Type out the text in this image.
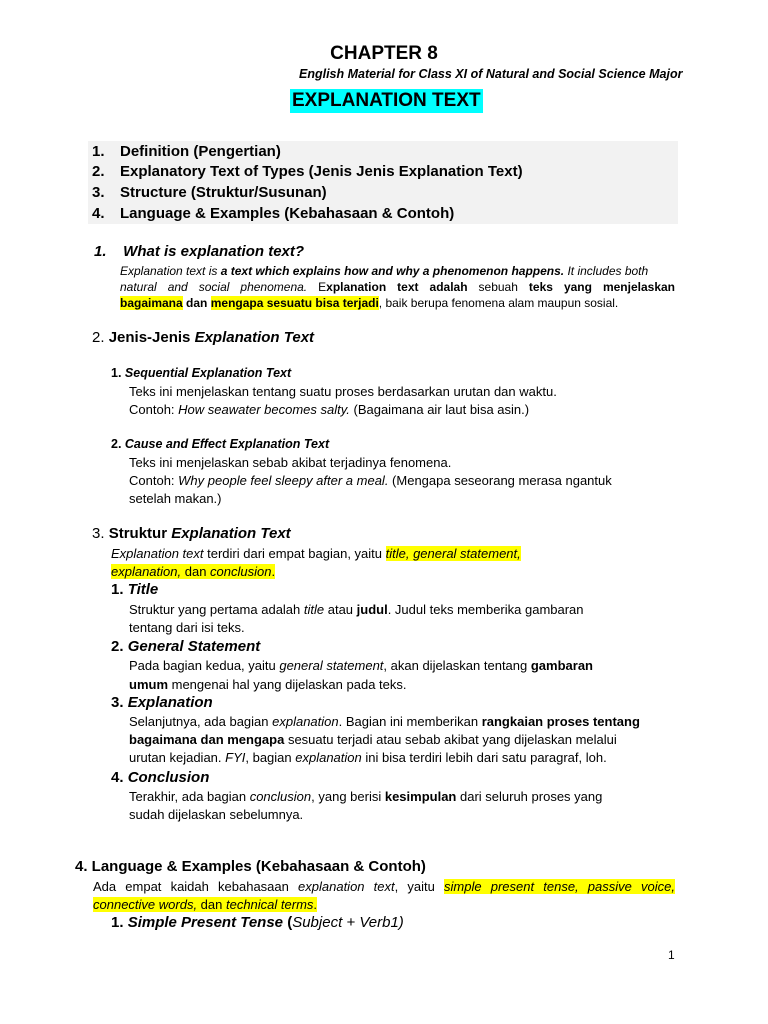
CHAPTER 8
English Material for Class XI of Natural and Social Science Major
EXPLANATION TEXT
1. Definition (Pengertian)
2. Explanatory Text of Types (Jenis Jenis Explanation Text)
3. Structure (Struktur/Susunan)
4. Language & Examples (Kebahasaan & Contoh)
1.    What is explanation text?
Explanation text is a text which explains how and why a phenomenon happens. It includes both
natural and social phenomena. Explanation text adalah sebuah teks yang menjelaskan
bagaimana dan mengapa sesuatu bisa terjadi, baik berupa fenomena alam maupun sosial.
2. Jenis-Jenis Explanation Text
1. Sequential Explanation Text
Teks ini menjelaskan tentang suatu proses berdasarkan urutan dan waktu.
Contoh: How seawater becomes salty. (Bagaimana air laut bisa asin.)
2. Cause and Effect Explanation Text
Teks ini menjelaskan sebab akibat terjadinya fenomena.
Contoh: Why people feel sleepy after a meal. (Mengapa seseorang merasa ngantuk
setelah makan.)
3. Struktur Explanation Text
Explanation text terdiri dari empat bagian, yaitu title, general statement,
explanation, dan conclusion.
1. Title
Struktur yang pertama adalah title atau judul. Judul teks memberika gambaran
tentang dari isi teks.
2. General Statement
Pada bagian kedua, yaitu general statement, akan dijelaskan tentang gambaran
umum mengenai hal yang dijelaskan pada teks.
3. Explanation
Selanjutnya, ada bagian explanation. Bagian ini memberikan rangkaian proses tentang
bagaimana dan mengapa sesuatu terjadi atau sebab akibat yang dijelaskan melalui
urutan kejadian. FYI, bagian explanation ini bisa terdiri lebih dari satu paragraf, loh.
4. Conclusion
Terakhir, ada bagian conclusion, yang berisi kesimpulan dari seluruh proses yang
sudah dijelaskan sebelumnya.
4. Language & Examples (Kebahasaan & Contoh)
Ada empat kaidah kebahasaan explanation text, yaitu simple present tense, passive voice,
connective words, dan technical terms.
1. Simple Present Tense (Subject + Verb1)
1
